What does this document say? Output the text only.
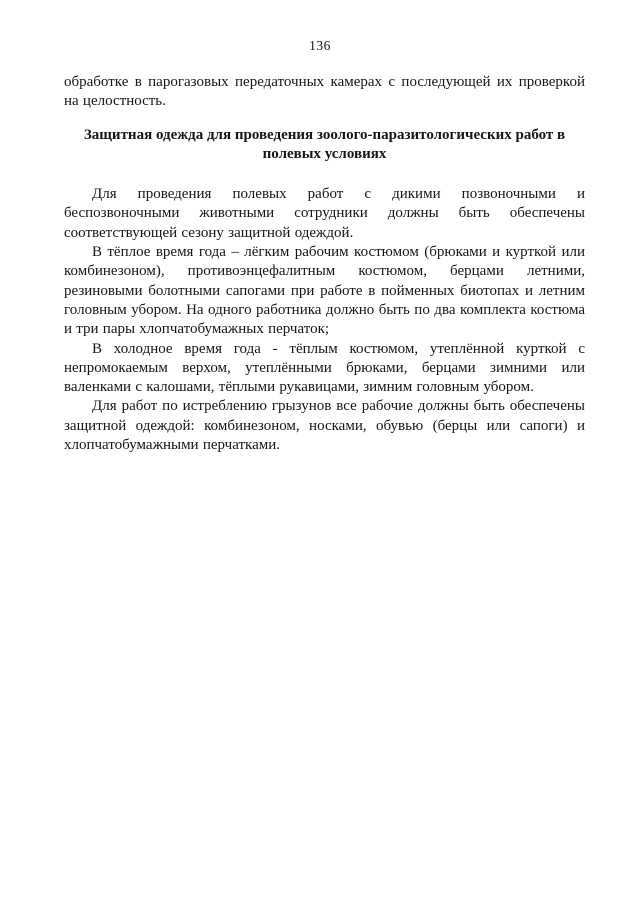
136

обработке в парогазовых передаточных камерах с последующей их проверкой на целостность.

Защитная одежда для проведения зоолого-паразитологических работ в полевых условиях

Для проведения полевых работ с дикими позвоночными и беспозвоночными животными сотрудники должны быть обеспечены соответствующей сезону защитной одеждой.

В тёплое время года – лёгким рабочим костюмом (брюками и курткой или комбинезоном), противоэнцефалитным костюмом, берцами летними, резиновыми болотными сапогами при работе в пойменных биотопах и летним головным убором. На одного работника должно быть по два комплекта костюма и три пары хлопчатобумажных перчаток;

В холодное время года - тёплым костюмом, утеплённой курткой с непромокаемым верхом, утеплёнными брюками, берцами зимними или валенками с калошами, тёплыми рукавицами, зимним головным убором.

Для работ по истреблению грызунов все рабочие должны быть обеспечены защитной одеждой: комбинезоном, носками, обувью (берцы или сапоги) и хлопчатобумажными перчатками.
